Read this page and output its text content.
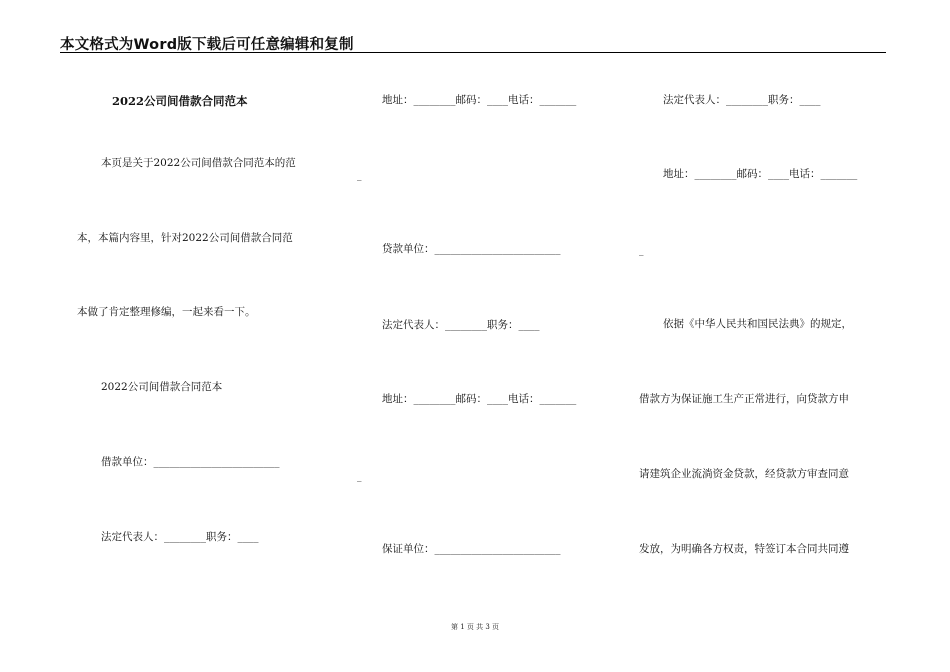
本文格式为Word版下载后可任意编辑和复制
2022公司间借款合同范本
本页是关于2022公司间借款合同范本的范
本，本篇内容里，针对2022公司间借款合同范
本做了肯定整理修编，一起来看一下。
2022公司间借款合同范本
借款单位：________________________
法定代表人：________职务：____
地址：________邮码：____电话：_______
_
贷款单位：________________________
法定代表人：________职务：____
地址：________邮码：____电话：_______
_
保证单位：________________________
法定代表人：________职务：____
地址：________邮码：____电话：_______
_
依据《中华人民共和国民法典》的规定，
借款方为保证施工生产正常进行，向贷款方申
请建筑企业流淌资金贷款，经贷款方审查同意
发放，为明确各方权责，特签订本合同共同遵
第 1 页 共 3 页
